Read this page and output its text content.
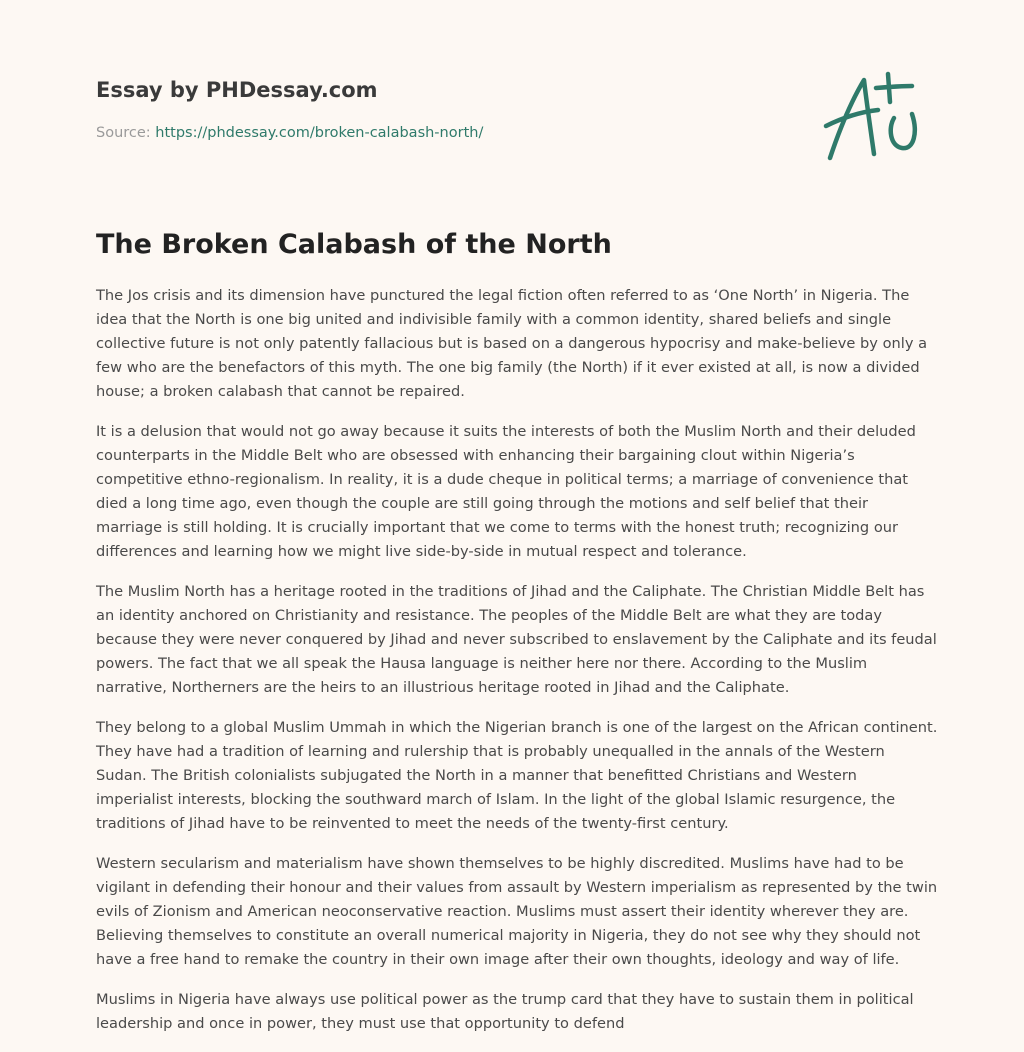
Essay by PHDessay.com
Source: https://phdessay.com/broken-calabash-north/
The Broken Calabash of the North

The Jos crisis and its dimension have punctured the legal fiction often referred to as ‘One North’ in Nigeria. The idea that the North is one big united and indivisible family with a common identity, shared beliefs and single collective future is not only patently fallacious but is based on a dangerous hypocrisy and make-believe by only a few who are the benefactors of this myth. The one big family (the North) if it ever existed at all, is now a divided house; a broken calabash that cannot be repaired.

It is a delusion that would not go away because it suits the interests of both the Muslim North and their deluded counterparts in the Middle Belt who are obsessed with enhancing their bargaining clout within Nigeria’s competitive ethno-regionalism. In reality, it is a dude cheque in political terms; a marriage of convenience that died a long time ago, even though the couple are still going through the motions and self belief that their marriage is still holding. It is crucially important that we come to terms with the honest truth; recognizing our differences and learning how we might live side-by-side in mutual respect and tolerance.

The Muslim North has a heritage rooted in the traditions of Jihad and the Caliphate. The Christian Middle Belt has an identity anchored on Christianity and resistance. The peoples of the Middle Belt are what they are today because they were never conquered by Jihad and never subscribed to enslavement by the Caliphate and its feudal powers. The fact that we all speak the Hausa language is neither here nor there. According to the Muslim narrative, Northerners are the heirs to an illustrious heritage rooted in Jihad and the Caliphate.

They belong to a global Muslim Ummah in which the Nigerian branch is one of the largest on the African continent. They have had a tradition of learning and rulership that is probably unequalled in the annals of the Western Sudan. The British colonialists subjugated the North in a manner that benefitted Christians and Western imperialist interests, blocking the southward march of Islam. In the light of the global Islamic resurgence, the traditions of Jihad have to be reinvented to meet the needs of the twenty-first century.

Western secularism and materialism have shown themselves to be highly discredited. Muslims have had to be vigilant in defending their honour and their values from assault by Western imperialism as represented by the twin evils of Zionism and American neoconservative reaction. Muslims must assert their identity wherever they are. Believing themselves to constitute an overall numerical majority in Nigeria, they do not see why they should not have a free hand to remake the country in their own image after their own thoughts, ideology and way of life.

Muslims in Nigeria have always use political power as the trump card that they have to sustain them in political leadership and once in power, they must use that opportunity to defend
